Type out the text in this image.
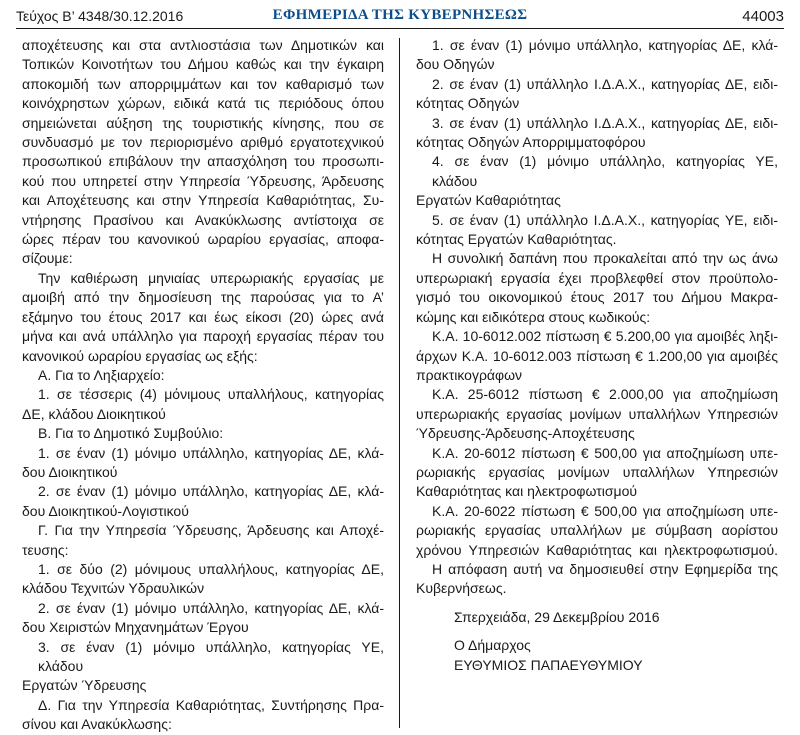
Τεύχος Β’ 4348/30.12.2016	ΕΦΗΜΕΡΙΔΑ ΤΗΣ ΚΥΒΕΡΝΗΣΕΩΣ	44003
αποχέτευσης και στα αντλιοστάσια των Δημοτικών και
Τοπικών Κοινοτήτων του Δήμου καθώς και την έγκαιρη
αποκομιδή των απορριμμάτων και τον καθαρισμό των
κοινόχρηστων χώρων, ειδικά κατά τις περιόδους όπου
σημειώνεται αύξηση της τουριστικής κίνησης, που σε
συνδυασμό με τον περιορισμένο αριθμό εργατοτεχνικού
προσωπικού επιβάλουν την απασχόληση του προσωπι-
κού που υπηρετεί στην Υπηρεσία Ύδρευσης, Άρδευσης
και Αποχέτευσης και στην Υπηρεσία Καθαριότητας, Συ-
ντήρησης Πρασίνου και Ανακύκλωσης αντίστοιχα σε
ώρες πέραν του κανονικού ωραρίου εργασίας, αποφα-
σίζουμε:
Την καθιέρωση μηνιαίας υπερωριακής εργασίας με
αμοιβή από την δημοσίευση της παρούσας για το Α’
εξάμηνο του έτους 2017 και έως είκοσι (20) ώρες ανά
μήνα και ανά υπάλληλο για παροχή εργασίας πέραν του
κανονικού ωραρίου εργασίας ως εξής:
Α. Για το Ληξιαρχείο:
1. σε τέσσερις (4) μόνιμους υπαλλήλους, κατηγορίας
ΔΕ, κλάδου Διοικητικού
Β. Για το Δημοτικό Συμβούλιο:
1. σε έναν (1) μόνιμο υπάλληλο, κατηγορίας ΔΕ, κλά-
δου Διοικητικού
2. σε έναν (1) μόνιμο υπάλληλο, κατηγορίας ΔΕ, κλά-
δου Διοικητικού-Λογιστικού
Γ. Για την Υπηρεσία Ύδρευσης, Άρδευσης και Αποχέ-
τευσης:
1. σε δύο (2) μόνιμους υπαλλήλους, κατηγορίας ΔΕ,
κλάδου Τεχνιτών Υδραυλικών
2. σε έναν (1) μόνιμο υπάλληλο, κατηγορίας ΔΕ, κλά-
δου Χειριστών Μηχανημάτων Έργου
3. σε έναν (1) μόνιμο υπάλληλο, κατηγορίας ΥΕ, κλάδου
Εργατών Ύδρευσης
Δ. Για την Υπηρεσία Καθαριότητας, Συντήρησης Πρα-
σίνου και Ανακύκλωσης:
1. σε έναν (1) μόνιμο υπάλληλο, κατηγορίας ΔΕ, κλά-
δου Οδηγών
2. σε έναν (1) υπάλληλο Ι.Δ.Α.Χ., κατηγορίας ΔΕ, ειδι-
κότητας Οδηγών
3. σε έναν (1) υπάλληλο Ι.Δ.Α.Χ., κατηγορίας ΔΕ, ειδι-
κότητας Οδηγών Απορριμματοφόρου
4. σε έναν (1) μόνιμο υπάλληλο, κατηγορίας ΥΕ, κλάδου
Εργατών Καθαριότητας
5. σε έναν (1) υπάλληλο Ι.Δ.Α.Χ., κατηγορίας ΥΕ, ειδι-
κότητας Εργατών Καθαριότητας.
Η συνολική δαπάνη που προκαλείται από την ως άνω
υπερωριακή εργασία έχει προβλεφθεί στον προϋπολο-
γισμό του οικονομικού έτους 2017 του Δήμου Μακρα-
κώμης και ειδικότερα στους κωδικούς:
Κ.Α. 10-6012.002 πίστωση € 5.200,00 για αμοιβές ληξι-
άρχων Κ.Α. 10-6012.003 πίστωση € 1.200,00 για αμοιβές
πρακτικογράφων
Κ.Α. 25-6012 πίστωση € 2.000,00 για αποζημίωση
υπερωριακής εργασίας μονίμων υπαλλήλων Υπηρεσιών
Ύδρευσης-Άρδευσης-Αποχέτευσης
Κ.Α. 20-6012 πίστωση € 500,00 για αποζημίωση υπε-
ρωριακής εργασίας μονίμων υπαλλήλων Υπηρεσιών
Καθαριότητας και ηλεκτροφωτισμού
Κ.Α. 20-6022 πίστωση € 500,00 για αποζημίωση υπε-
ρωριακής εργασίας υπαλλήλων με σύμβαση αορίστου
χρόνου Υπηρεσιών Καθαριότητας και ηλεκτροφωτισμού.
Η απόφαση αυτή να δημοσιευθεί στην Εφημερίδα της
Κυβερνήσεως.
Σπερχειάδα, 29 Δεκεμβρίου 2016
Ο Δήμαρχος
ΕΥΘΥΜΙΟΣ ΠΑΠΑΕΥΘΥΜΙΟΥ
